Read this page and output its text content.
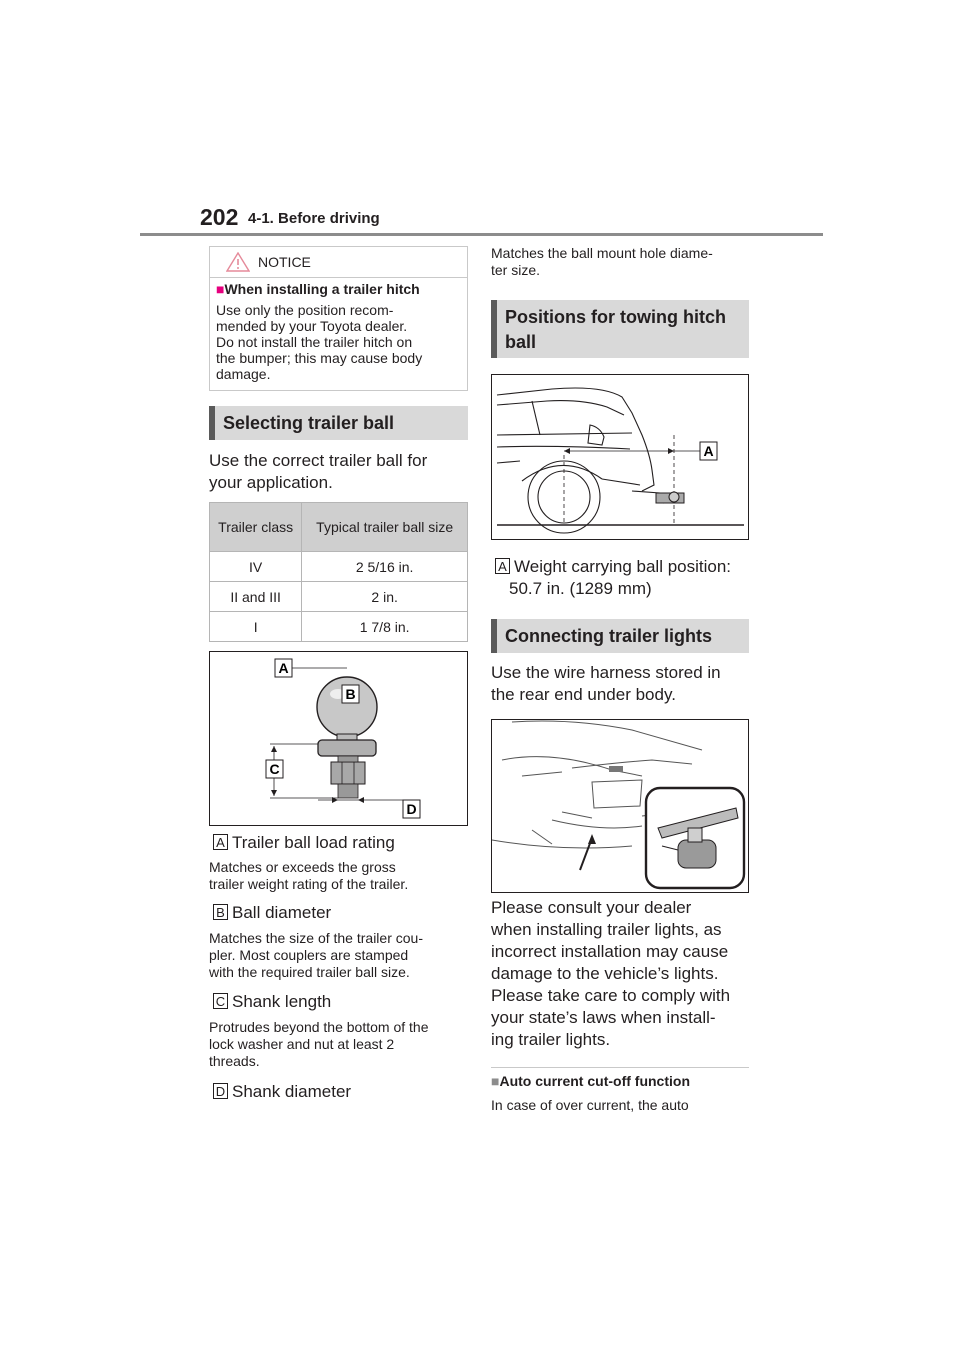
202 4-1. Before driving
NOTICE
■When installing a trailer hitch
Use only the position recom-
mended by your Toyota dealer.
Do not install the trailer hitch on
the bumper; this may cause body
damage.
Selecting trailer ball
Use the correct trailer ball for
your application.
Trailer class	Typical trailer ball size
IV	2 5/16 in.
II and III	2 in.
I	1 7/8 in.
A
B
C
D
A Trailer ball load rating
Matches or exceeds the gross
trailer weight rating of the trailer.
B Ball diameter
Matches the size of the trailer cou-
pler. Most couplers are stamped
with the required trailer ball size.
C Shank length
Protrudes beyond the bottom of the
lock washer and nut at least 2
threads.
D Shank diameter
Matches the ball mount hole diame-
ter size.
Positions for towing hitch
ball
A
A Weight carrying ball position:
50.7 in. (1289 mm)
Connecting trailer lights
Use the wire harness stored in
the rear end under body.
Please consult your dealer
when installing trailer lights, as
incorrect installation may cause
damage to the vehicle’s lights.
Please take care to comply with
your state’s laws when install-
ing trailer lights.
■Auto current cut-off function
In case of over current, the auto
